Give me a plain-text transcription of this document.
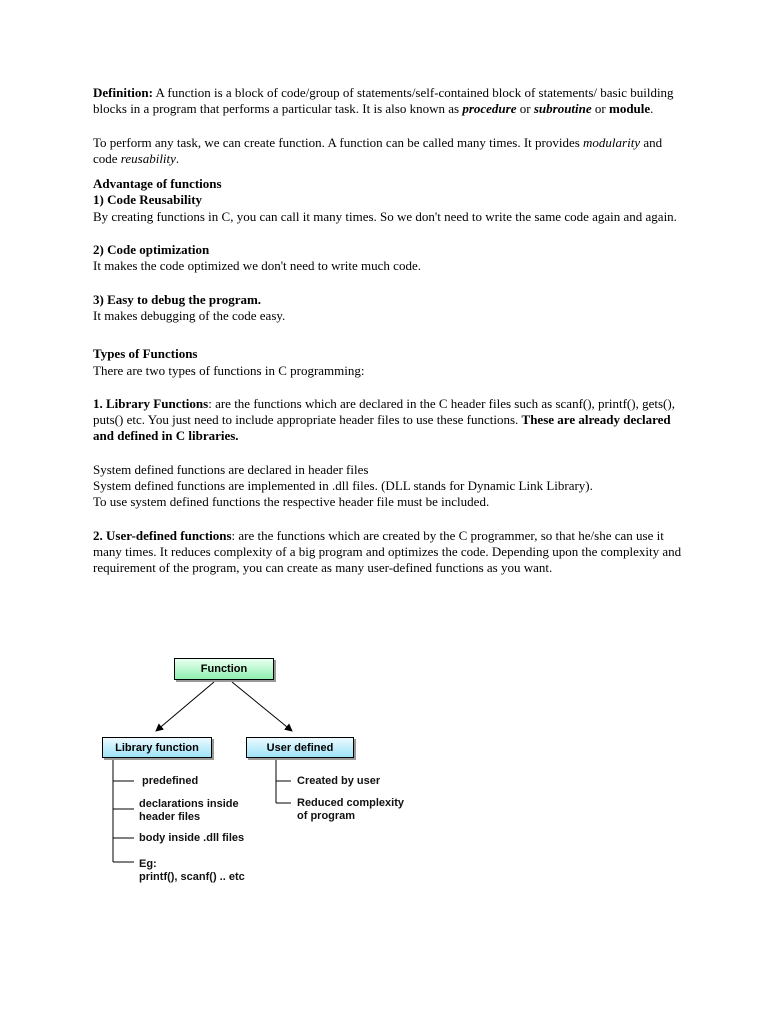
Definition: A function is a block of code/group of statements/self-contained block of statements/ basic building blocks in a program that performs a particular task. It is also known as procedure or subroutine or module.

To perform any task, we can create function. A function can be called many times. It provides modularity and code reusability.

Advantage of functions

1) Code Reusability

By creating functions in C, you can call it many times. So we don't need to write the same code again and again.

2) Code optimization

It makes the code optimized we don't need to write much code.

3) Easy to debug the program.

It makes debugging of the code easy.

Types of Functions

There are two types of functions in C programming:

1. Library Functions: are the functions which are declared in the C header files such as scanf(), printf(), gets(), puts() etc. You just need to include appropriate header files to use these functions. These are already declared and defined in C libraries.

System defined functions are declared in header files

System defined functions are implemented in .dll files. (DLL stands for Dynamic Link Library).

To use system defined functions the respective header file must be included.

2. User-defined functions: are the functions which are created by the C programmer, so that he/she can use it many times. It reduces complexity of a big program and optimizes the code. Depending upon the complexity and requirement of the program, you can create as many user-defined functions as you want.

Function
Library function	User defined
predefined
declarations inside
header files
body inside .dll files
Eg:
printf(), scanf() .. etc
Created by user
Reduced complexity
of program
